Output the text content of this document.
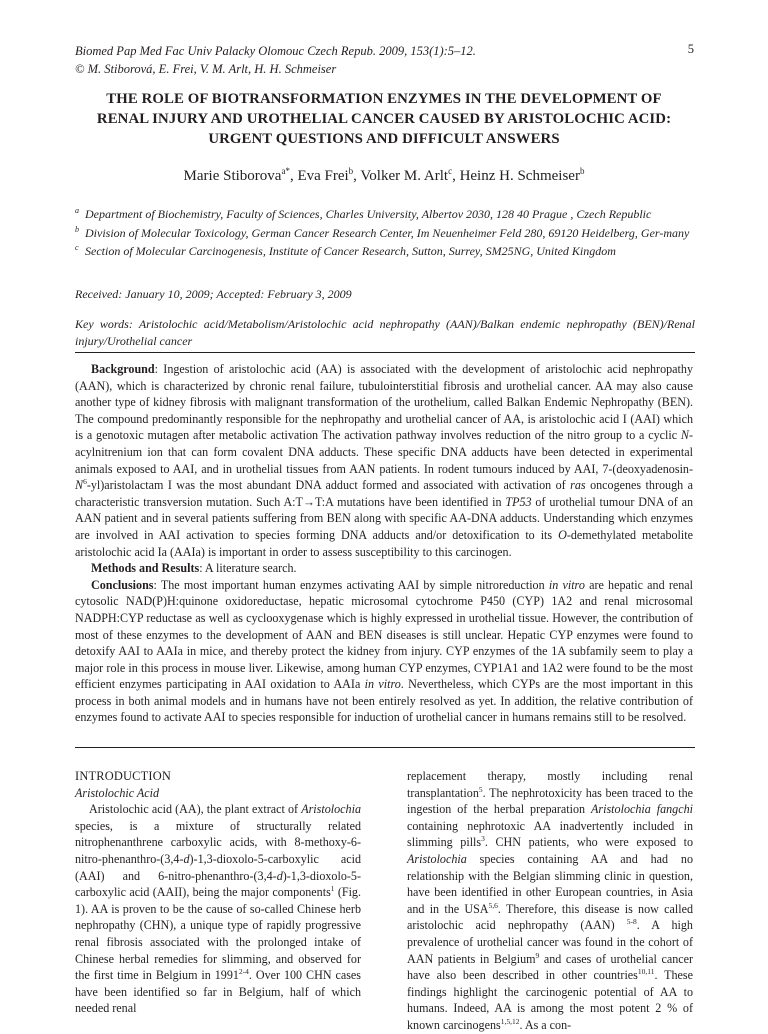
Biomed Pap Med Fac Univ Palacky Olomouc Czech Repub. 2009, 153(1):5–12.
© M. Stiborová, E. Frei, V. M. Arlt, H. H. Schmeiser
5
THE ROLE OF BIOTRANSFORMATION ENZYMES IN THE DEVELOPMENT OF
RENAL INJURY AND UROTHELIAL CANCER CAUSED BY ARISTOLOCHIC ACID:
URGENT QUESTIONS AND DIFFICULT ANSWERS
Marie Stiborova$^{a*}$, Eva Frei$^b$, Volker M. Arlt$^c$, Heinz H. Schmeiser$^b$
a Department of Biochemistry, Faculty of Sciences, Charles University, Albertov 2030, 128 40 Prague , Czech Republic
b Division of Molecular Toxicology, German Cancer Research Center, Im Neuenheimer Feld 280, 69120 Heidelberg, Ger-many
c Section of Molecular Carcinogenesis, Institute of Cancer Research, Sutton, Surrey, SM25NG, United Kingdom
Received: January 10, 2009; Accepted: February 3, 2009
Key words: Aristolochic acid/Metabolism/Aristolochic acid nephropathy (AAN)/Balkan endemic nephropathy (BEN)/Renal injury/Urothelial cancer

Background: Ingestion of aristolochic acid (AA) is associated with the development of aristolochic acid nephropathy (AAN), which is characterized by chronic renal failure, tubulointerstitial fibrosis and urothelial cancer. AA may also cause another type of kidney fibrosis with malignant transformation of the urothelium, called Balkan Endemic Nephropathy (BEN). The compound predominantly responsible for the nephropathy and urothelial cancer of AA, is aristolochic acid I (AAI) which is a genotoxic mutagen after metabolic activation The activation pathway involves reduction of the nitro group to a cyclic N-acylnitrenium ion that can form covalent DNA adducts. These specific DNA adducts have been detected in experimental animals exposed to AAI, and in urothelial tissues from AAN patients. In rodent tumours induced by AAI, $7-(deoxyadenosin-N^6-yl)aristolactam$ I was the most abundant DNA adduct formed and associated with activation of ras oncogenes through a characteristic transversion mutation. Such A:T→T:A mutations have been identified in TP53 of urothelial tumour DNA of an AAN patient and in several patients suffering from BEN along with specific AA-DNA adducts. Understanding which enzymes are involved in AAI activation to species forming DNA adducts and/or detoxification to its O-demethylated metabolite aristolochic acid Ia (AAIa) is important in order to assess susceptibility to this carcinogen.

Methods and Results: A literature search.

Conclusions: The most important human enzymes activating AAI by simple nitroreduction in vitro are hepatic and renal cytosolic NAD(P)H:quinone oxidoreductase, hepatic microsomal cytochrome P450 (CYP) 1A2 and renal microsomal NADPH:CYP reductase as well as cyclooxygenase which is highly expressed in urothelial tissue. However, the contribution of most of these enzymes to the development of AAN and BEN diseases is still unclear. Hepatic CYP enzymes were found to detoxify AAI to AAIa in mice, and thereby protect the kidney from injury. CYP enzymes of the 1A subfamily seem to play a major role in this process in mouse liver. Likewise, among human CYP enzymes, CYP1A1 and 1A2 were found to be the most efficient enzymes participating in AAI oxidation to AAIa in vitro. Nevertheless, which CYPs are the most important in this process in both animal models and in humans have not been entirely resolved as yet. In addition, the relative contribution of enzymes found to activate AAI to species responsible for induction of urothelial cancer in humans remains still to be resolved.

INTRODUCTION

Aristolochic Acid

Aristolochic acid (AA), the plant extract of Aristolochia species, is a mixture of structurally related nitrophenanthrene carboxylic acids, with 8-methoxy-6-nitro-phenanthro-(3,4-d)-1,3-dioxolo-5-carboxylic acid (AAI) and 6-nitro-phenanthro-(3,4-d)-1,3-dioxolo-5-carboxylic acid (AAII), being the major components$^1$ (Fig. 1). AA is proven to be the cause of so-called Chinese herb nephropathy (CHN), a unique type of rapidly progressive renal fibrosis associated with the prolonged intake of Chinese herbal remedies for slimming, and observed for the first time in Belgium in 1991$^{2-4}$. Over 100 CHN cases have been identified so far in Belgium, half of which needed renal

replacement therapy, mostly including renal transplantation$^5$. The nephrotoxicity has been traced to the ingestion of the herbal preparation Aristolochia fangchi containing nephrotoxic AA inadvertently included in slimming pills$^3$. CHN patients, who were exposed to Aristolochia species containing AA and had no relationship with the Belgian slimming clinic in question, have been identified in other European countries, in Asia and in the USA$^{5,6}$. Therefore, this disease is now called aristolochic acid nephropathy (AAN) $^{5-8}$. A high prevalence of urothelial cancer was found in the cohort of AAN patients in Belgium$^9$ and cases of urothelial cancer have also been described in other countries$^{10,11}$. These findings highlight the carcinogenic potential of AA to humans. Indeed, AA is among the most potent 2 % of known carcinogens$^{1,5,12}$. As a con-
